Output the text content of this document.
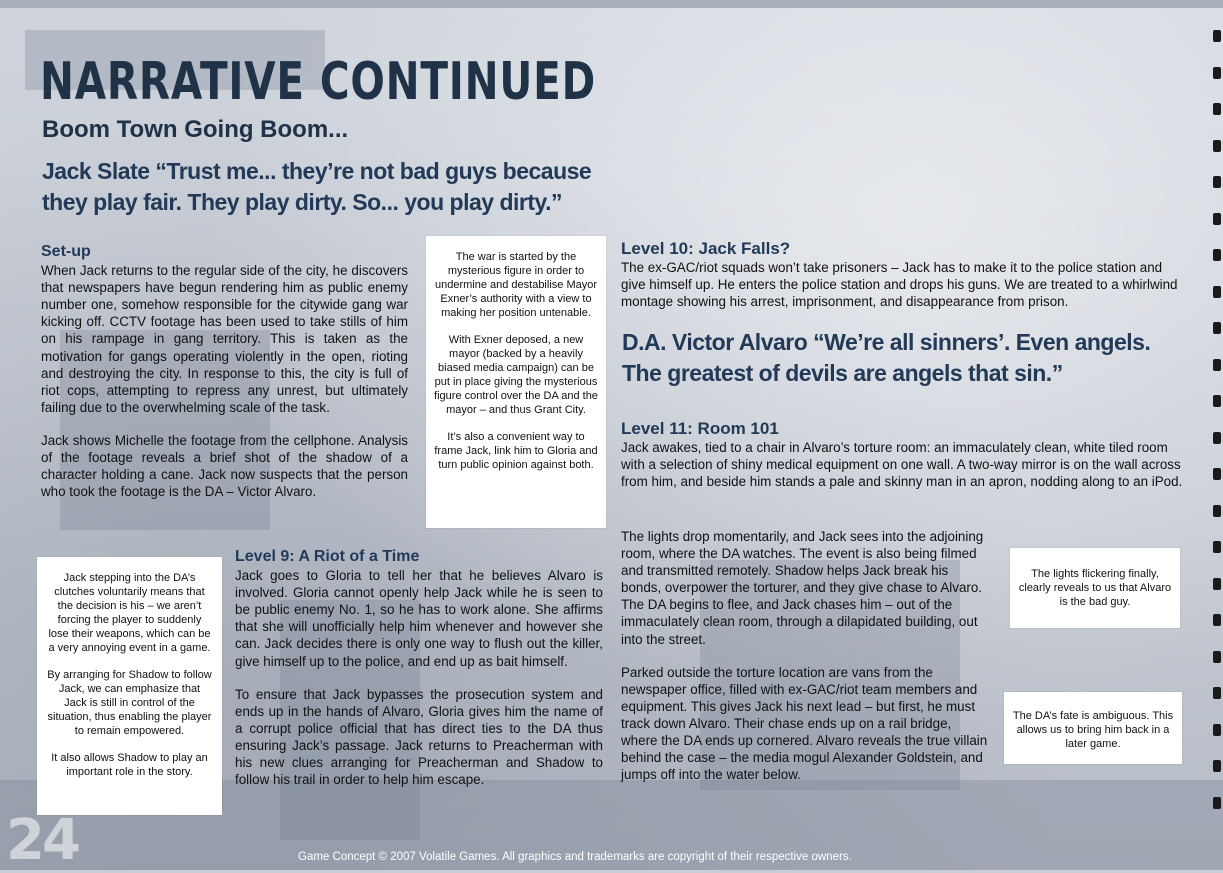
NARRATIVE CONTINUED
Boom Town Going Boom...

Jack Slate “Trust me... they’re not bad guys because they play fair. They play dirty. So... you play dirty.”

Set-up

When Jack returns to the regular side of the city, he discovers that newspapers have begun rendering him as public enemy number one, somehow responsible for the citywide gang war kicking off. CCTV footage has been used to take stills of him on his rampage in gang territory. This is taken as the motivation for gangs operating violently in the open, rioting and destroying the city. In response to this, the city is full of riot cops, attempting to repress any unrest, but ultimately failing due to the overwhelming scale of the task.

Jack shows Michelle the footage from the cellphone. Analysis of the footage reveals a brief shot of the shadow of a character holding a cane. Jack now suspects that the person who took the footage is the DA – Victor Alvaro.

The war is started by the mysterious figure in order to undermine and destabilise Mayor Exner’s authority with a view to making her position untenable.

With Exner deposed, a new mayor (backed by a heavily biased media campaign) can be put in place giving the mysterious figure control over the DA and the mayor – and thus Grant City.

It’s also a convenient way to frame Jack, link him to Gloria and turn public opinion against both.

Jack stepping into the DA’s clutches voluntarily means that the decision is his – we aren’t forcing the player to suddenly lose their weapons, which can be a very annoying event in a game.

By arranging for Shadow to follow Jack, we can emphasize that Jack is still in control of the situation, thus enabling the player to remain empowered.

It also allows Shadow to play an important role in the story.

Level 9: A Riot of a Time

Jack goes to Gloria to tell her that he believes Alvaro is involved. Gloria cannot openly help Jack while he is seen to be public enemy No. 1, so he has to work alone. She affirms that she will unofficially help him whenever and however she can. Jack decides there is only one way to flush out the killer, give himself up to the police, and end up as bait himself.

To ensure that Jack bypasses the prosecution system and ends up in the hands of Alvaro, Gloria gives him the name of a corrupt police official that has direct ties to the DA thus ensuring Jack’s passage. Jack returns to Preacherman with his new clues arranging for Preacherman and Shadow to follow his trail in order to help him escape.

Level 10: Jack Falls?

The ex-GAC/riot squads won’t take prisoners – Jack has to make it to the police station and give himself up. He enters the police station and drops his guns. We are treated to a whirlwind montage showing his arrest, imprisonment, and disappearance from prison.

D.A. Victor Alvaro “We’re all sinners’. Even angels. The greatest of devils are angels that sin.”

Level 11: Room 101

Jack awakes, tied to a chair in Alvaro’s torture room: an immaculately clean, white tiled room with a selection of shiny medical equipment on one wall. A two-way mirror is on the wall across from him, and beside him stands a pale and skinny man in an apron, nodding along to an iPod.

The lights drop momentarily, and Jack sees into the adjoining room, where the DA watches. The event is also being filmed and transmitted remotely. Shadow helps Jack break his bonds, overpower the torturer, and they give chase to Alvaro. The DA begins to flee, and Jack chases him – out of the immaculately clean room, through a dilapidated building, out into the street.

Parked outside the torture location are vans from the newspaper office, filled with ex-GAC/riot team members and equipment. This gives Jack his next lead – but first, he must track down Alvaro. Their chase ends up on a rail bridge, where the DA ends up cornered. Alvaro reveals the true villain behind the case – the media mogul Alexander Goldstein, and jumps off into the water below.

The lights flickering finally, clearly reveals to us that Alvaro is the bad guy.

The DA’s fate is ambiguous. This allows us to bring him back in a later game.

24	Game Concept © 2007 Volatile Games. All graphics and trademarks are copyright of their respective owners.
